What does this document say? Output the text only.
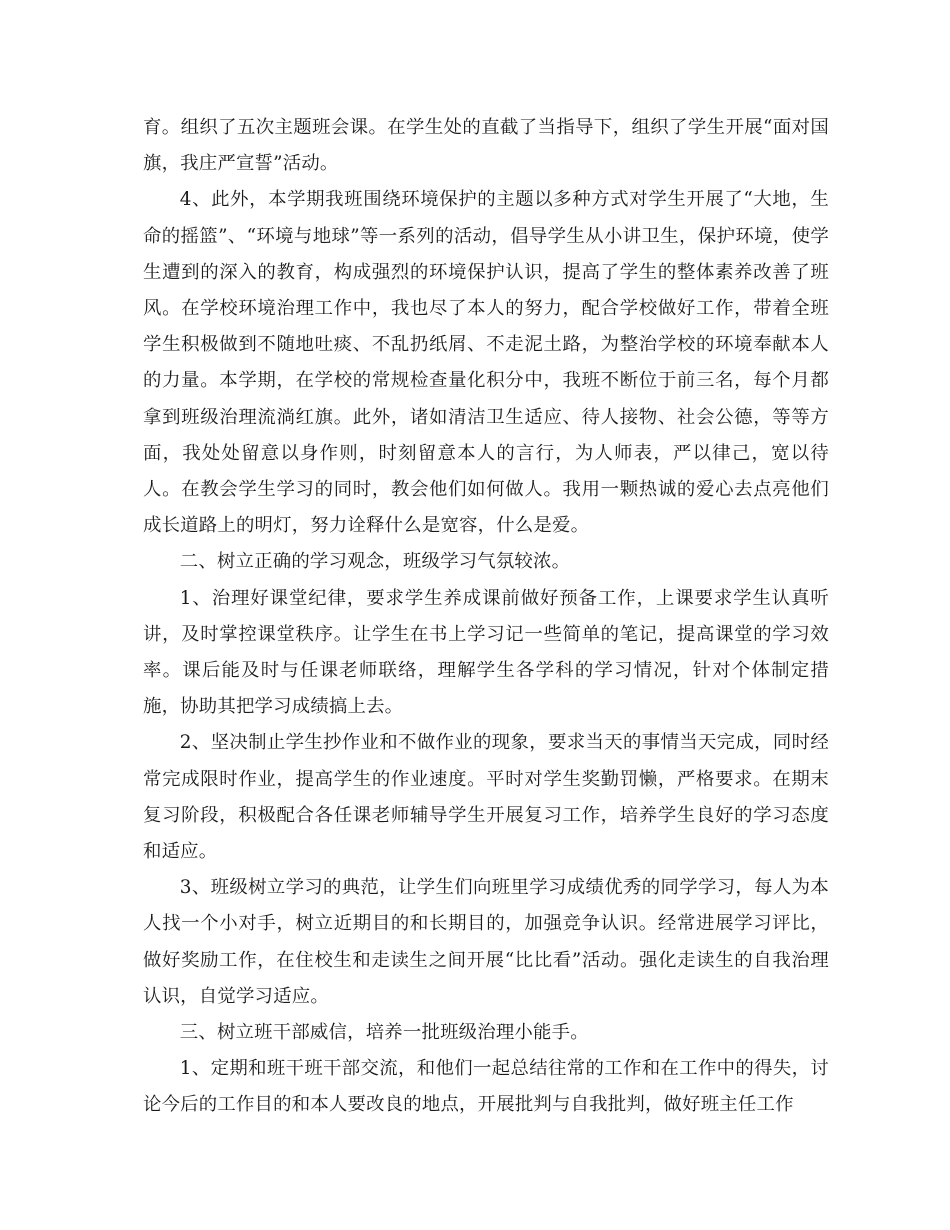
育。组织了五次主题班会课。在学生处的直截了当指导下，组织了学生开展“面对国旗，我庄严宣誓”活动。

4、此外，本学期我班围绕环境保护的主题以多种方式对学生开展了“大地，生命的摇篮”、“环境与地球”等一系列的活动，倡导学生从小讲卫生，保护环境，使学生遭到的深入的教育，构成强烈的环境保护认识，提高了学生的整体素养改善了班风。在学校环境治理工作中，我也尽了本人的努力，配合学校做好工作，带着全班学生积极做到不随地吐痰、不乱扔纸屑、不走泥土路，为整治学校的环境奉献本人的力量。本学期，在学校的常规检查量化积分中，我班不断位于前三名，每个月都拿到班级治理流淌红旗。此外，诸如清洁卫生适应、待人接物、社会公德，等等方面，我处处留意以身作则，时刻留意本人的言行，为人师表，严以律己，宽以待人。在教会学生学习的同时，教会他们如何做人。我用一颗热诚的爱心去点亮他们成长道路上的明灯，努力诠释什么是宽容，什么是爱。

二、树立正确的学习观念，班级学习气氛较浓。

1、治理好课堂纪律，要求学生养成课前做好预备工作，上课要求学生认真听讲，及时掌控课堂秩序。让学生在书上学习记一些简单的笔记，提高课堂的学习效率。课后能及时与任课老师联络，理解学生各学科的学习情况，针对个体制定措施，协助其把学习成绩搞上去。

2、坚决制止学生抄作业和不做作业的现象，要求当天的事情当天完成，同时经常完成限时作业，提高学生的作业速度。平时对学生奖勤罚懒，严格要求。在期末复习阶段，积极配合各任课老师辅导学生开展复习工作，培养学生良好的学习态度和适应。

3、班级树立学习的典范，让学生们向班里学习成绩优秀的同学学习，每人为本人找一个小对手，树立近期目的和长期目的，加强竞争认识。经常进展学习评比，做好奖励工作，在住校生和走读生之间开展“比比看”活动。强化走读生的自我治理认识，自觉学习适应。

三、树立班干部威信，培养一批班级治理小能手。

1、定期和班干班干部交流，和他们一起总结往常的工作和在工作中的得失，讨论今后的工作目的和本人要改良的地点，开展批判与自我批判，做好班主任工作
